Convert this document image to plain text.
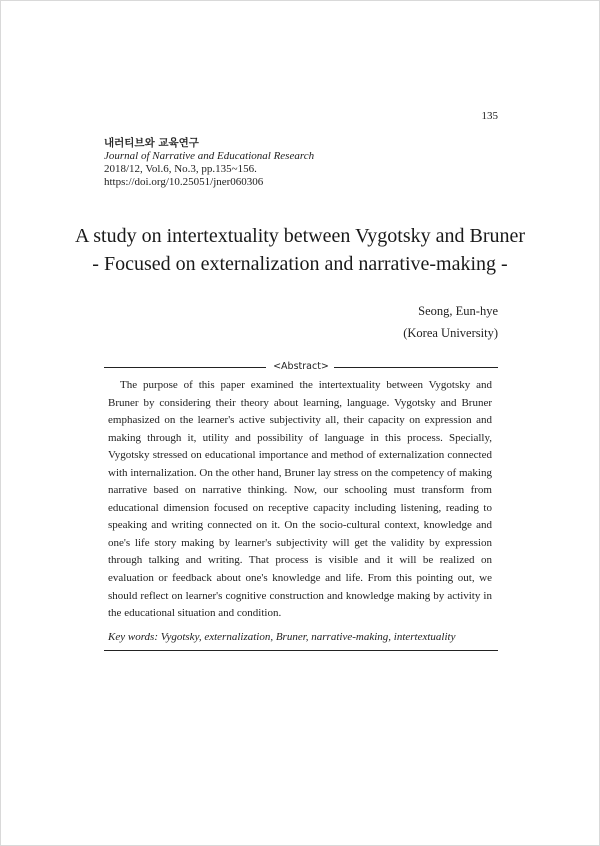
135
내러티브와 교육연구
Journal of Narrative and Educational Research
2018/12, Vol.6, No.3, pp.135~156.
https://doi.org/10.25051/jner060306
A study on intertextuality between Vygotsky and Bruner
- Focused on externalization and narrative-making -
Seong, Eun-hye
(Korea University)
<Abstract>

The purpose of this paper examined the intertextuality between Vygotsky and Bruner by considering their theory about learning, language. Vygotsky and Bruner emphasized on the learner's active subjectivity all, their capacity on expression and making through it, utility and possibility of language in this process. Specially, Vygotsky stressed on educational importance and method of externalization connected with internalization. On the other hand, Bruner lay stress on the competency of making narrative based on narrative thinking. Now, our schooling must transform from educational dimension focused on receptive capacity including listening, reading to speaking and writing connected on it. On the socio-cultural context, knowledge and one's life story making by learner's subjectivity will get the validity by expression through talking and writing. That process is visible and it will be realized on evaluation or feedback about one's knowledge and life. From this pointing out, we should reflect on learner's cognitive construction and knowledge making by activity in the educational situation and condition.

Key words: Vygotsky, externalization, Bruner, narrative-making, intertextuality
